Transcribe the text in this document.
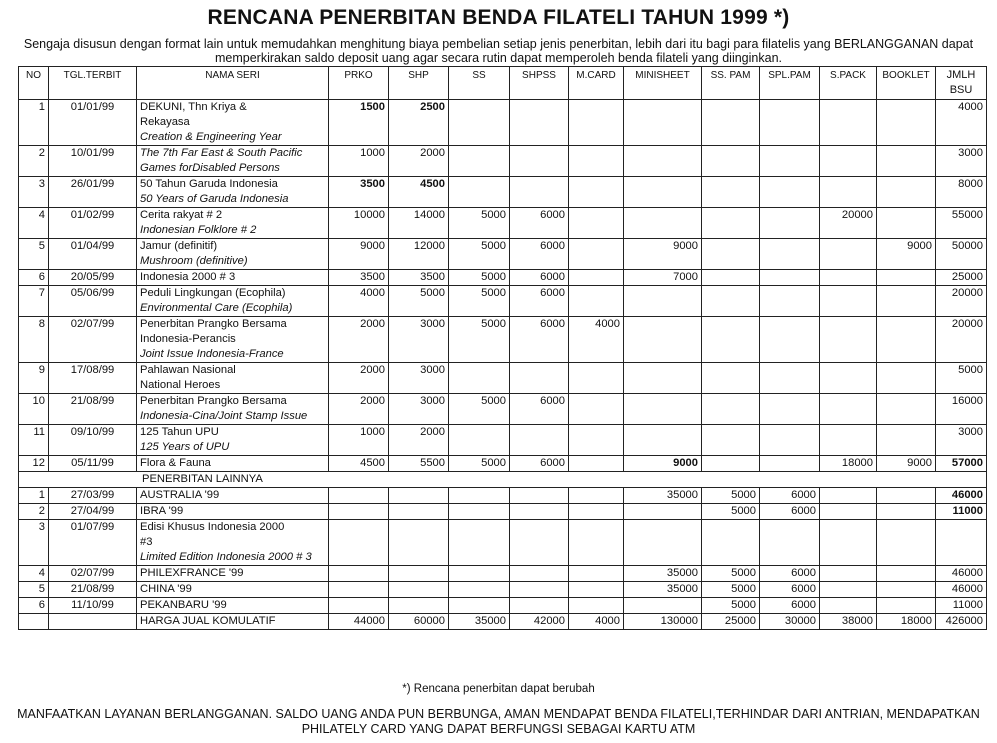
RENCANA PENERBITAN BENDA FILATELI TAHUN 1999 *)
Sengaja disusun dengan format lain untuk memudahkan menghitung biaya pembelian setiap jenis penerbitan, lebih dari itu bagi para filatelis yang BERLANGGANAN dapat memperkirakan saldo deposit uang agar secara rutin dapat memperoleh benda filateli yang diinginkan.
NO	TGL.TERBIT	NAMA SERI	PRKO	SHP	SS	SHPSS	M.CARD	MINISHEET	SS. PAM	SPL.PAM	S.PACK	BOOKLET	JMLH
BSU

1	01/01/99	DEKUNI, Thn Kriya &
Rekayasa
Creation & Engineering Year	1500	2500									4000
2	10/01/99	The 7th Far East & South Pacific Games forDisabled Persons	1000	2000									3000
3	26/01/99	50 Tahun Garuda Indonesia
50 Years of Garuda Indonesia	3500	4500									8000
4	01/02/99	Cerita rakyat # 2
Indonesian Folklore # 2	10000	14000	5000	6000					20000		55000
5	01/04/99	Jamur (definitif)
Mushroom (definitive)	9000	12000	5000	6000		9000				9000	50000
6	20/05/99	Indonesia 2000 # 3	3500	3500	5000	6000		7000					25000
7	05/06/99	Peduli Lingkungan (Ecophila)
Environmental Care (Ecophila)	4000	5000	5000	6000							20000
8	02/07/99	Penerbitan Prangko Bersama
Indonesia-Perancis
Joint Issue Indonesia-France	2000	3000	5000	6000	4000						20000
9	17/08/99	Pahlawan Nasional
National Heroes	2000	3000									5000
10	21/08/99	Penerbitan Prangko Bersama
Indonesia-Cina/Joint Stamp Issue	2000	3000	5000	6000							16000
11	09/10/99	125 Tahun UPU
125 Years of UPU	1000	2000									3000
12	05/11/99	Flora & Fauna	4500	5500	5000	6000		9000			18000	9000	57000
PENERBITAN LAINNYA													
1	27/03/99	AUSTRALIA '99						35000	5000	6000			46000
2	27/04/99	IBRA '99							5000	6000			11000
3	01/07/99	Edisi Khusus Indonesia 2000
#3
Limited Edition Indonesia 2000 # 3											

4	02/07/99	PHILEXFRANCE '99						35000	5000	6000			46000
5	21/08/99	CHINA '99						35000	5000	6000			46000
6	11/10/99	PEKANBARU '99							5000	6000			11000
		HARGA JUAL KOMULATIF	44000	60000	35000	42000	4000	130000	25000	30000	38000	18000	426000
*) Rencana penerbitan dapat berubah
MANFAATKAN LAYANAN BERLANGGANAN. SALDO UANG ANDA PUN BERBUNGA, AMAN MENDAPAT BENDA FILATELI,TERHINDAR DARI ANTRIAN, MENDAPATKAN PHILATELY CARD YANG DAPAT BERFUNGSI SEBAGAI KARTU ATM
